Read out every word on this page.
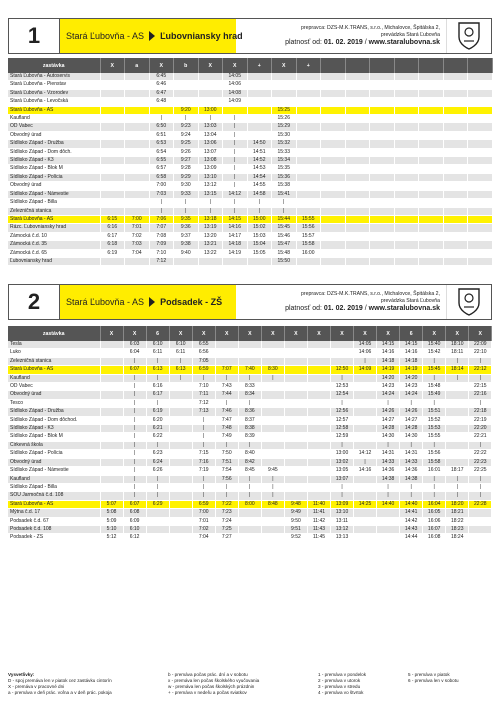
1	Stará Ľubovňa - AS Ľubovniansky hrad
prepravca: DZS-M.K.TRANS, s.r.o., Michalovce, Špitálska 2,
prevádzka Stará Ľubovňa
platnosť od: 01. 02. 2019 / www.staralubovna.sk
zastávka	X	a	X	b	X	X	+	X	+							
Stará Ľubovňa - Autoservis			6:45			14:05										
Stará Ľubovňa - Pienstav			6:46			14:06										
Stará Ľubovňa - Vzorodev			6:47			14:08										
Stará Ľubovňa - Levočská			6:48			14:09										
Stará Ľubovňa - AS				9:20	13:00			15:25								
Kaufland			|	|	|	|		15:26								
OD Vabec			6:50	9:23	13:03	|		15:29								
Obvodný úrad			6:51	9:24	13:04	|		15:30								
Sídlisko Západ - Družba			6:53	9:25	13:06	|	14:50	15:32								
Sídlisko Západ - Dom dôch.			6:54	9:26	13:07	|	14:51	15:33								
Sídlisko Západ - K3			6:55	9:27	13:08	|	14:52	15:34								
Sídlisko Západ - Blok M			6:57	9:28	13:09	|	14:53	15:35								
Sídlisko Západ - Polícia			6:58	9:29	13:10	|	14:54	15:36								
Obvodný úrad			7:00	9:30	13:12	|	14:55	15:38								
Sídlisko Západ - Námestie			7:03	9:33	13:15	14:12	14:58	15:41								
Sídlisko Západ - Billa			|	|	|	|	|	|								
Železničná stanica			|	|	|	|	|	|								
Stará Ľubovňa - AS	6:15	7:00	7:06	9:35	13:18	14:15	15:00	15:44	15:55							
Rázc. Ľubovniansky hrad	6:16	7:01	7:07	9:36	13:19	14:16	15:02	15:45	15:56							
Zámocká č.d. 10	6:17	7:02	7:08	9:37	13:20	14:17	15:03	15:46	15:57							
Zámocká č.d. 35	6:18	7:03	7:09	9:38	13:21	14:18	15:04	15:47	15:58							
Zámocká č.d. 65	6:19	7:04	7:10	9:40	13:22	14:19	15:05	15:48	16:00							
Ľubovniansky hrad			7:12					15:50								
2	Stará Ľubovňa - AS Podsadek - ZŠ
prepravca: DZS-M.K.TRANS, s.r.o., Michalovce, Špitálska 2,
prevádzka Stará Ľubovňa
platnosť od: 01. 02. 2019 / www.staralubovna.sk
zastávka	X	X	6	X	X	X	X	X	X	X	X	X	X	6	X	X	X
Tesla		6:03	6:10	6:10	6:55							14:05	14:15	14:15	15:40	18:10	22:09
Luko		6:04	6:11	6:11	6:56							14:06	14:16	14:16	15:42	18:11	22:10
Železničná stanica		|	|	|	7:05							|	14:18	14:18	|	|	|
Stará Ľubovňa - AS		6:07	6:13	6:13	6:59	7:07	7:40	8:30			12:50	14:09	14:19	14:19	15:45	18:14	22:12
Kaufland		|	|	|	|	|	|	|			|		14:20	14:20	|	|	|
OD Vabec		|	6:16		7:10	7:43	8:33				12:53		14:23	14:23	15:48		22:15
Obvodný úrad		|	6:17		7:11	7:44	8:34				12:54		14:24	14:24	15:49		22:16
Tesco		|	|		7:12	|	|				|		|	|	|		|
Sídlisko Západ - Družba		|	6:19		7:13	7:46	8:36				12:56		14:26	14:26	15:51		22:18
Sídlisko Západ - Dom dôchod.		|	6:20		|	7:47	8:37				12:57		14:27	14:27	15:52		22:19
Sídlisko Západ - K3		|	6:21		|	7:48	8:38				12:58		14:28	14:28	15:53		22:20
Sídlisko Západ - Blok M		|	6:22		|	7:49	8:39				12:59		14:30	14:30	15:55		22:21
Cirkevná škola		|	|		|	|	|				|		|	|	|		|
Sídlisko Západ - Polícia		|	6:23		7:15	7:50	8:40				13:00	14:12	14:31	14:31	15:56		22:22
Obvodný úrad		|	6:24		7:16	7:51	8:42				13:02	|	14:33	14:33	15:58		22:23
Sídlisko Západ - Námestie		|	6:26		7:19	7:54	8:45	9:45			13:05	14:16	14:36	14:36	16:01	18:17	22:25
Kaufland		|	|		|	7:56	|	|			13:07		14:38	14:38	|	|	|
Sídlisko Západ - Billa		|	|		|	|	|	|			|		|	|	|	|	|
SOU Jarmočná č.d. 108		|	|		|	|	|	|			|		|	|	|	|	|
Stará Ľubovňa - AS	5:07	6:07	6:29		6:59	7:22	8:00	8:48	9:48	11:40	13:09	14:25	14:40	14:40	16:04	18:20	22:28
Mýtna č.d. 17	5:08	6:08			7:00	7:23			9:49	11:41	13:10			14:41	16:05	18:21	
Podsadek č.d. 67	5:09	6:09			7:01	7:24			9:50	11:42	13:11			14:42	16:06	18:22	
Podsadek č.d. 108	5:10	6:10			7:02	7:25			9:51	11:43	13:12			14:43	16:07	18:23	
Podsadek - ZŠ	5:12	6:12			7:04	7:27			9:52	11:45	13:13			14:44	16:08	18:24	
Vysvetlivky:
D - spoj premáva len v piatok cez zastávku cintorín
X - premáva v pracovné dni
a - premáva v deň prác. voľna a v deň prác. pokoja
b - premáva počas prác. dní a v sobotu
x - premáva len počas školského vyučovania
w - premáva len počas školských prázdnin
+ - premáva v nedeľu a počas sviatkov
1 - premáva v pondelok
2 - premáva v utorok
3 - premáva v stredu
4 - premáva vo štvrtok
5 - premáva v piatok
6 - premáva len v sobotu
